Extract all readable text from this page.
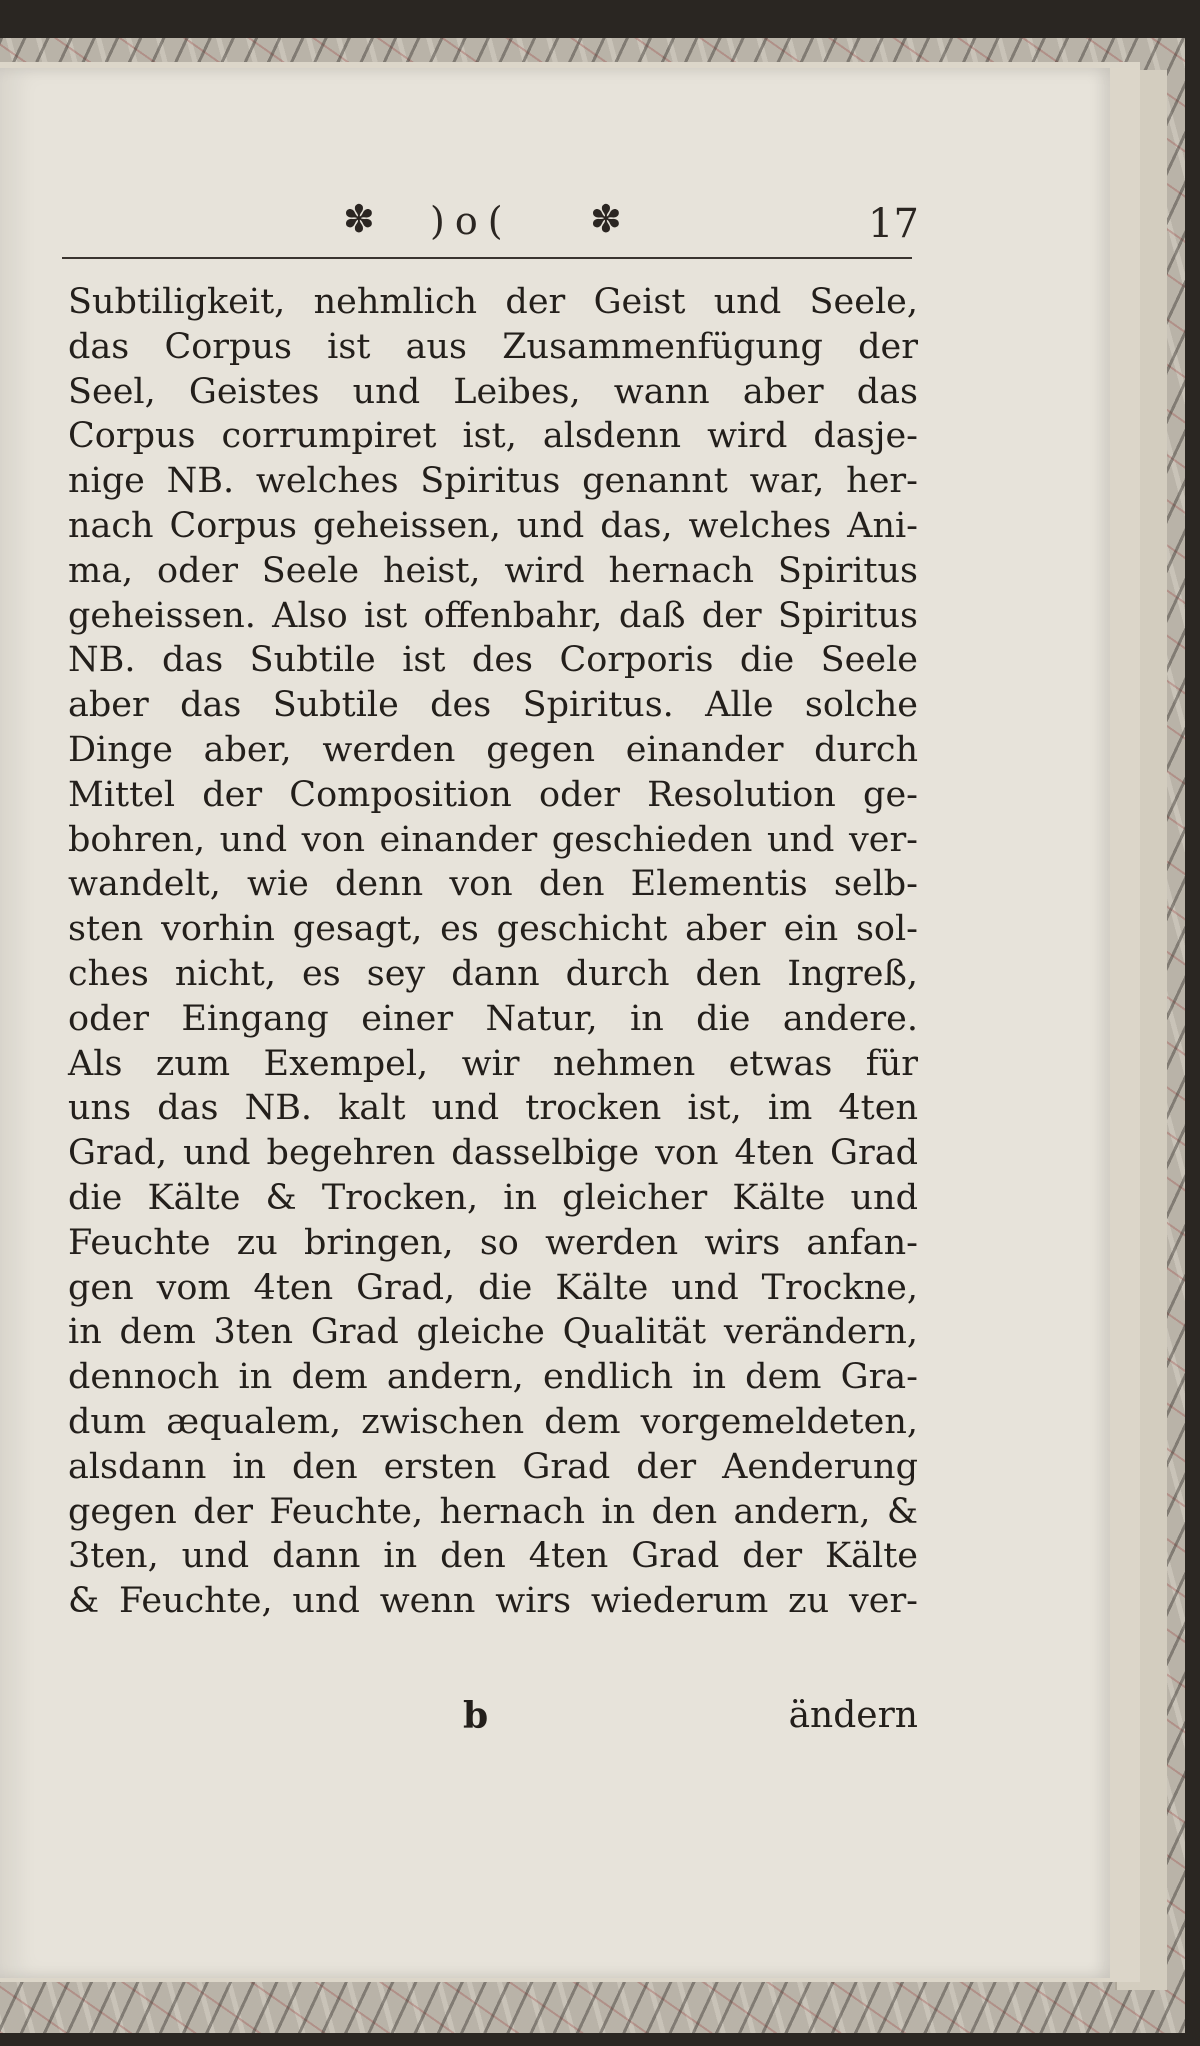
✽ )o( ✽	17
Subtiligkeit, nehmlich der Geist und Seele,
das Corpus ist aus Zusammenfügung der
Seel, Geistes und Leibes, wann aber das
Corpus corrumpiret ist, alsdenn wird dasje-
nige NB. welches Spiritus genannt war, her-
nach Corpus geheissen, und das, welches Ani-
ma, oder Seele heist, wird hernach Spiritus
geheissen. Also ist offenbahr, daß der Spiritus
NB. das Subtile ist des Corporis die Seele
aber das Subtile des Spiritus. Alle solche
Dinge aber, werden gegen einander durch
Mittel der Composition oder Resolution ge-
bohren, und von einander geschieden und ver-
wandelt, wie denn von den Elementis selb-
sten vorhin gesagt, es geschicht aber ein sol-
ches nicht, es sey dann durch den Ingreß,
oder Eingang einer Natur, in die andere.
Als zum Exempel, wir nehmen etwas für
uns das NB. kalt und trocken ist, im 4ten
Grad, und begehren dasselbige von 4ten Grad
die Kälte & Trocken, in gleicher Kälte und
Feuchte zu bringen, so werden wirs anfan-
gen vom 4ten Grad, die Kälte und Trockne,
in dem 3ten Grad gleiche Qualität verändern,
dennoch in dem andern, endlich in dem Gra-
dum æqualem, zwischen dem vorgemeldeten,
alsdann in den ersten Grad der Aenderung
gegen der Feuchte, hernach in den andern, &
3ten, und dann in den 4ten Grad der Kälte
& Feuchte, und wenn wirs wiederum zu ver-
b	ändern
